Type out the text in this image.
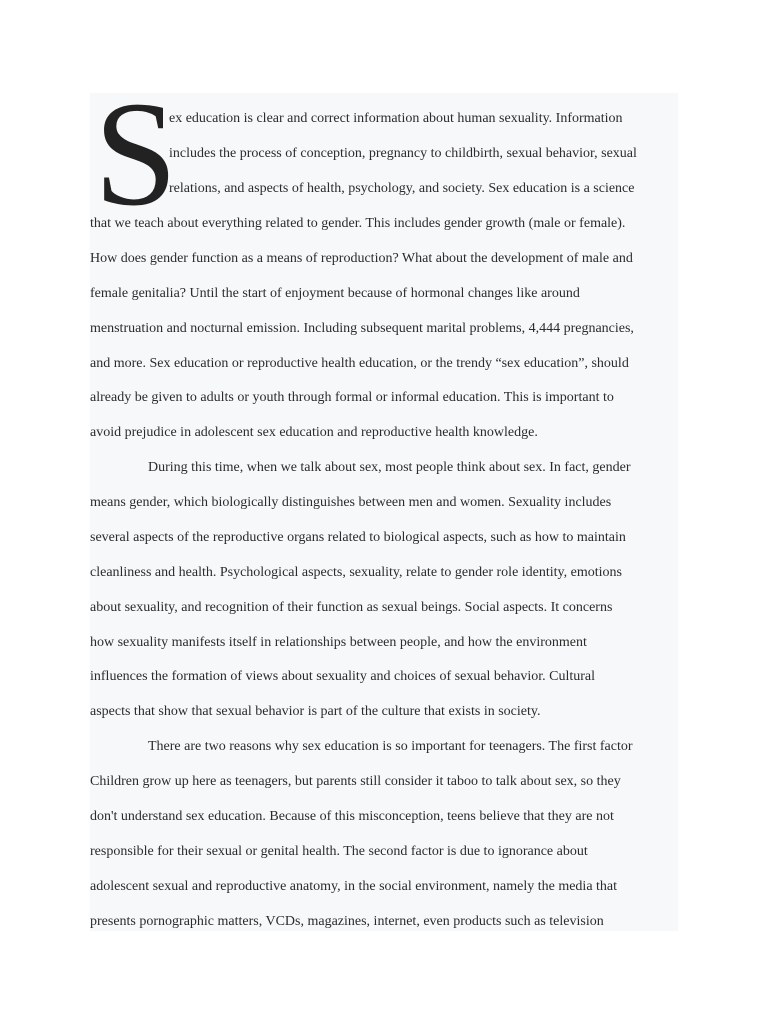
S
ex education is clear and correct information about human sexuality. Information
includes the process of conception, pregnancy to childbirth, sexual behavior, sexual
relations, and aspects of health, psychology, and society. Sex education is a science
that we teach about everything related to gender. This includes gender growth (male or female).
How does gender function as a means of reproduction? What about the development of male and
female genitalia? Until the start of enjoyment because of hormonal changes like around
menstruation and nocturnal emission. Including subsequent marital problems, 4,444 pregnancies,
and more. Sex education or reproductive health education, or the trendy “sex education”, should
already be given to adults or youth through formal or informal education. This is important to
avoid prejudice in adolescent sex education and reproductive health knowledge.
During this time, when we talk about sex, most people think about sex. In fact, gender
means gender, which biologically distinguishes between men and women. Sexuality includes
several aspects of the reproductive organs related to biological aspects, such as how to maintain
cleanliness and health. Psychological aspects, sexuality, relate to gender role identity, emotions
about sexuality, and recognition of their function as sexual beings. Social aspects. It concerns
how sexuality manifests itself in relationships between people, and how the environment
influences the formation of views about sexuality and choices of sexual behavior. Cultural
aspects that show that sexual behavior is part of the culture that exists in society.
There are two reasons why sex education is so important for teenagers. The first factor
Children grow up here as teenagers, but parents still consider it taboo to talk about sex, so they
don't understand sex education. Because of this misconception, teens believe that they are not
responsible for their sexual or genital health. The second factor is due to ignorance about
adolescent sexual and reproductive anatomy, in the social environment, namely the media that
presents pornographic matters, VCDs, magazines, internet, even products such as television
